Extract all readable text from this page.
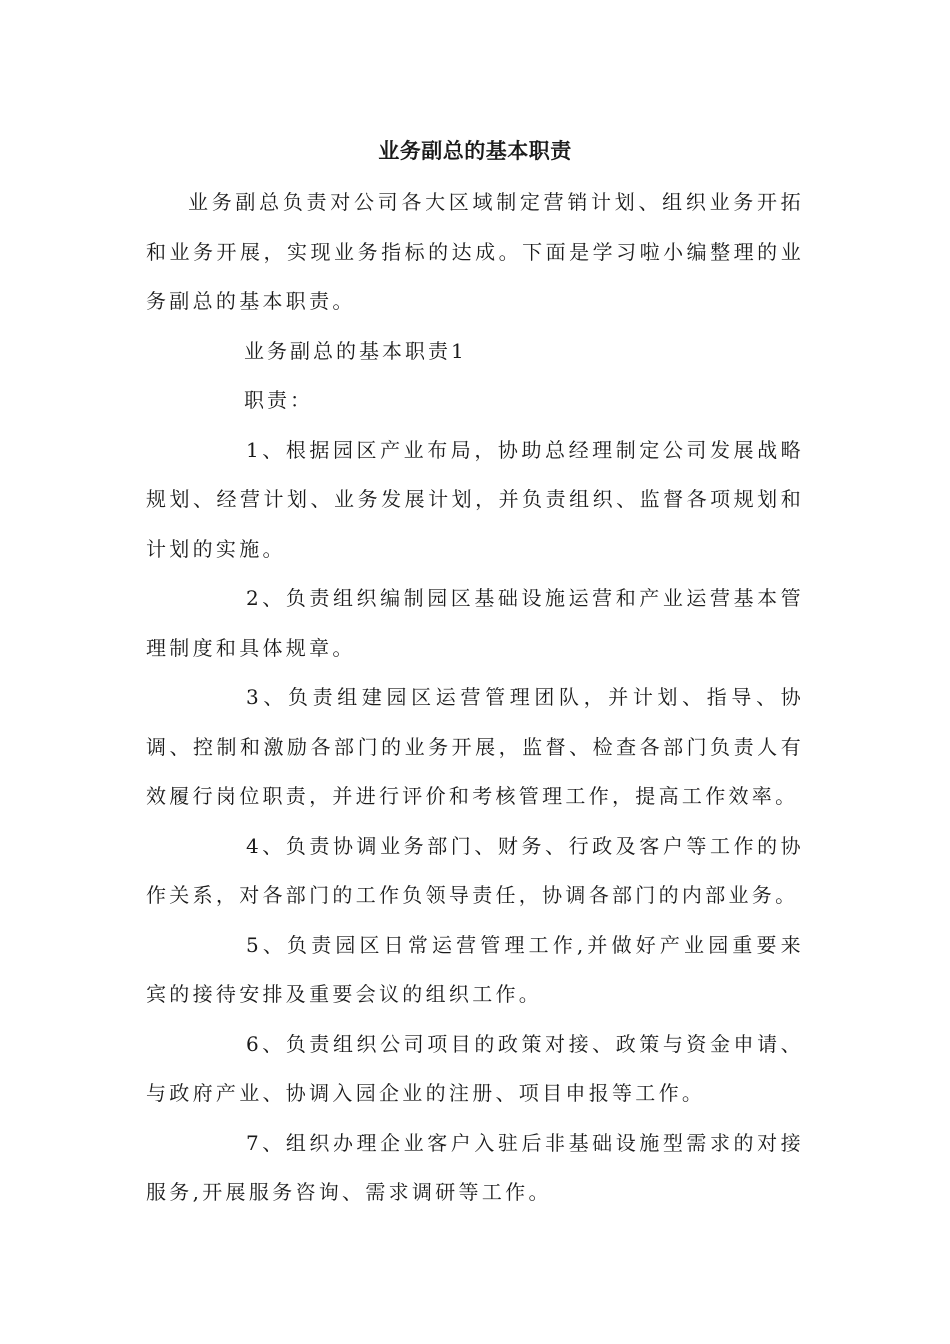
业务副总的基本职责

业务副总负责对公司各大区域制定营销计划、组织业务开拓和业务开展，实现业务指标的达成。下面是学习啦小编整理的业务副总的基本职责。

业务副总的基本职责1

职责：

1、根据园区产业布局，协助总经理制定公司发展战略规划、经营计划、业务发展计划，并负责组织、监督各项规划和计划的实施。

2、负责组织编制园区基础设施运营和产业运营基本管理制度和具体规章。

3、负责组建园区运营管理团队，并计划、指导、协调、控制和激励各部门的业务开展，监督、检查各部门负责人有效履行岗位职责，并进行评价和考核管理工作，提高工作效率。

4、负责协调业务部门、财务、行政及客户等工作的协作关系，对各部门的工作负领导责任，协调各部门的内部业务。

5、负责园区日常运营管理工作,并做好产业园重要来宾的接待安排及重要会议的组织工作。

6、负责组织公司项目的政策对接、政策与资金申请、与政府产业、协调入园企业的注册、项目申报等工作。

7、组织办理企业客户入驻后非基础设施型需求的对接服务,开展服务咨询、需求调研等工作。
